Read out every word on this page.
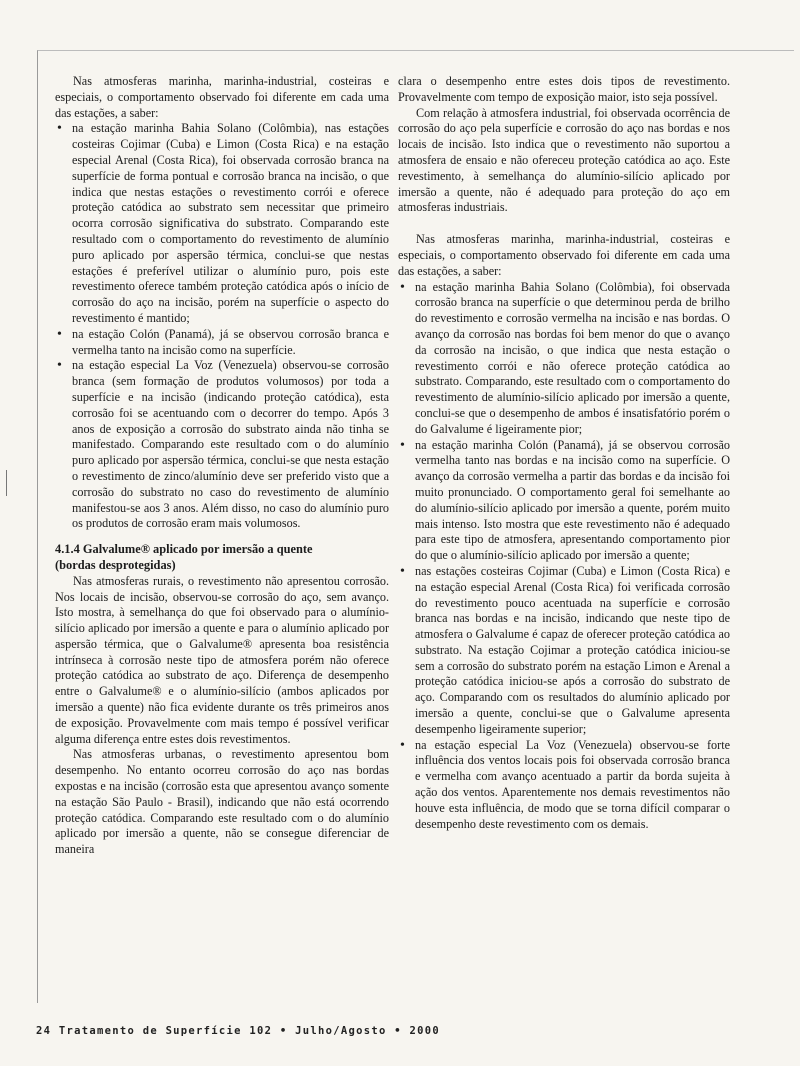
Nas atmosferas marinha, marinha-industrial, costeiras e especiais, o comportamento observado foi diferente em cada uma das estações, a saber:

• na estação marinha Bahia Solano (Colômbia), nas estações costeiras Cojimar (Cuba) e Limon (Costa Rica) e na estação especial Arenal (Costa Rica), foi observada corrosão branca na superfície de forma pontual e corrosão branca na incisão, o que indica que nestas estações o revestimento corrói e oferece proteção catódica ao substrato sem necessitar que primeiro ocorra corrosão significativa do substrato. Comparando este resultado com o comportamento do revestimento de alumínio puro aplicado por aspersão térmica, conclui-se que nestas estações é preferível utilizar o alumínio puro, pois este revestimento oferece também proteção catódica após o início de corrosão do aço na incisão, porém na superfície o aspecto do revestimento é mantido;
• na estação Colón (Panamá), já se observou corrosão branca e vermelha tanto na incisão como na superfície.
• na estação especial La Voz (Venezuela) observou-se corrosão branca (sem formação de produtos volumosos) por toda a superfície e na incisão (indicando proteção catódica), esta corrosão foi se acentuando com o decorrer do tempo. Após 3 anos de exposição a corrosão do substrato ainda não tinha se manifestado. Comparando este resultado com o do alumínio puro aplicado por aspersão térmica, conclui-se que nesta estação o revestimento de zinco/alumínio deve ser preferido visto que a corrosão do substrato no caso do revestimento de alumínio manifestou-se aos 3 anos. Além disso, no caso do alumínio puro os produtos de corrosão eram mais volumosos.
4.1.4 Galvalume® aplicado por imersão a quente
(bordas desprotegidas)

Nas atmosferas rurais, o revestimento não apresentou corrosão. Nos locais de incisão, observou-se corrosão do aço, sem avanço. Isto mostra, à semelhança do que foi observado para o alumínio-silício aplicado por imersão a quente e para o alumínio aplicado por aspersão térmica, que o Galvalume® apresenta boa resistência intrínseca à corrosão neste tipo de atmosfera porém não oferece proteção catódica ao substrato de aço. Diferença de desempenho entre o Galvalume® e o alumínio-silício (ambos aplicados por imersão a quente) não fica evidente durante os três primeiros anos de exposição. Provavelmente com mais tempo é possível verificar alguma diferença entre estes dois revestimentos.

Nas atmosferas urbanas, o revestimento apresentou bom desempenho. No entanto ocorreu corrosão do aço nas bordas expostas e na incisão (corrosão esta que apresentou avanço somente na estação São Paulo - Brasil), indicando que não está ocorrendo proteção catódica. Comparando este resultado com o do alumínio aplicado por imersão a quente, não se consegue diferenciar de maneira

clara o desempenho entre estes dois tipos de revestimento. Provavelmente com tempo de exposição maior, isto seja possível.

Com relação à atmosfera industrial, foi observada ocorrência de corrosão do aço pela superfície e corrosão do aço nas bordas e nos locais de incisão. Isto indica que o revestimento não suportou a atmosfera de ensaio e não ofereceu proteção catódica ao aço. Este revestimento, à semelhança do alumínio-silício aplicado por imersão a quente, não é adequado para proteção do aço em atmosferas industriais.

Nas atmosferas marinha, marinha-industrial, costeiras e especiais, o comportamento observado foi diferente em cada uma das estações, a saber:

• na estação marinha Bahia Solano (Colômbia), foi observada corrosão branca na superfície o que determinou perda de brilho do revestimento e corrosão vermelha na incisão e nas bordas. O avanço da corrosão nas bordas foi bem menor do que o avanço da corrosão na incisão, o que indica que nesta estação o revestimento corrói e não oferece proteção catódica ao substrato. Comparando, este resultado com o comportamento do revestimento de alumínio-silício aplicado por imersão a quente, conclui-se que o desempenho de ambos é insatisfatório porém o do Galvalume é ligeiramente pior;
• na estação marinha Colón (Panamá), já se observou corrosão vermelha tanto nas bordas e na incisão como na superfície. O avanço da corrosão vermelha a partir das bordas e da incisão foi muito pronunciado. O comportamento geral foi semelhante ao do alumínio-silício aplicado por imersão a quente, porém muito mais intenso. Isto mostra que este revestimento não é adequado para este tipo de atmosfera, apresentando comportamento pior do que o alumínio-silício aplicado por imersão a quente;
• nas estações costeiras Cojimar (Cuba) e Limon (Costa Rica) e na estação especial Arenal (Costa Rica) foi verificada corrosão do revestimento pouco acentuada na superfície e corrosão branca nas bordas e na incisão, indicando que neste tipo de atmosfera o Galvalume é capaz de oferecer proteção catódica ao substrato. Na estação Cojimar a proteção catódica iniciou-se sem a corrosão do substrato porém na estação Limon e Arenal a proteção catódica iniciou-se após a corrosão do substrato de aço. Comparando com os resultados do alumínio aplicado por imersão a quente, conclui-se que o Galvalume apresenta desempenho ligeiramente superior;
• na estação especial La Voz (Venezuela) observou-se forte influência dos ventos locais pois foi observada corrosão branca e vermelha com avanço acentuado a partir da borda sujeita à ação dos ventos. Aparentemente nos demais revestimentos não houve esta influência, de modo que se torna difícil comparar o desempenho deste revestimento com os demais.
24 Tratamento de Superfície 102 • Julho/Agosto • 2000
